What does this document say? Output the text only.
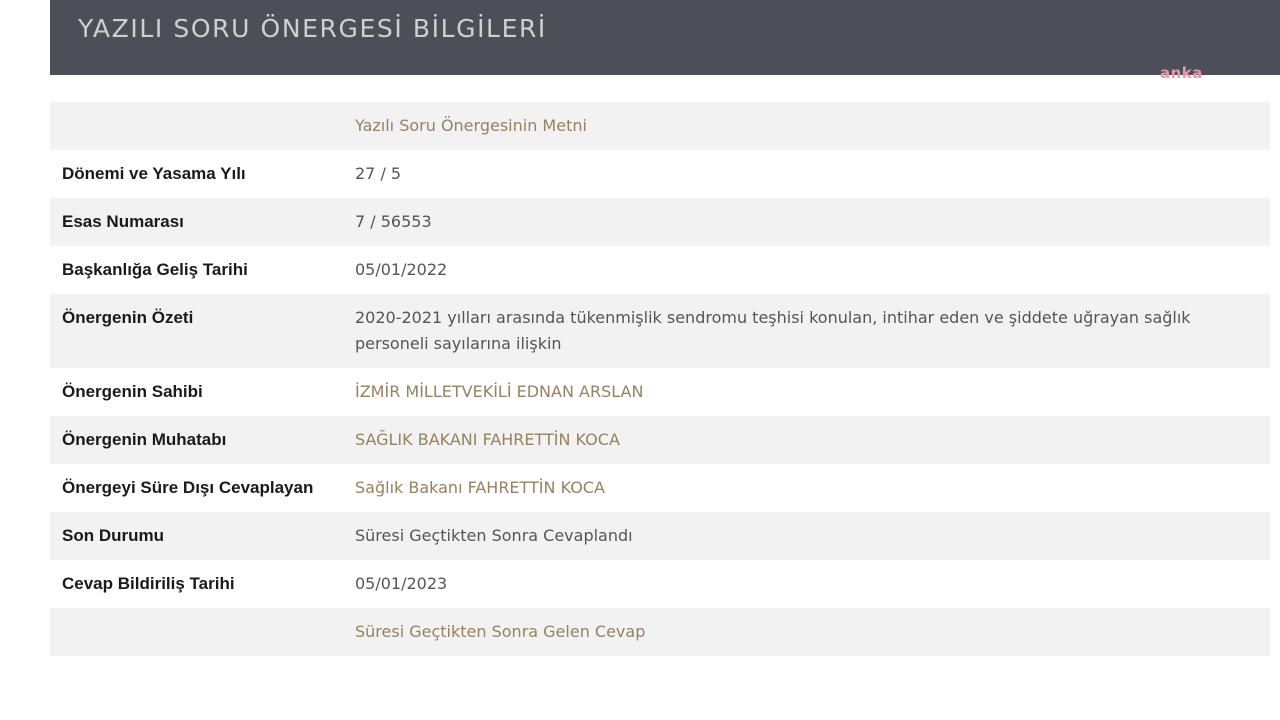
YAZILI SORU ÖNERGESİ BİLGİLERİ
anka

	Yazılı Soru Önergesinin Metni

Dönemi ve Yasama Yılı	27 / 5

Esas Numarası	7 / 56553

Başkanlığa Geliş Tarihi	05/01/2022

Önergenin Özeti	2020-2021 yılları arasında tükenmişlik sendromu teşhisi konulan, intihar eden ve şiddete uğrayan sağlık personeli sayılarına ilişkin

Önergenin Sahibi	İZMİR MİLLETVEKİLİ EDNAN ARSLAN

Önergenin Muhatabı	SAĞLIK BAKANI FAHRETTİN KOCA

Önergeyi Süre Dışı Cevaplayan	Sağlık Bakanı FAHRETTİN KOCA

Son Durumu	Süresi Geçtikten Sonra Cevaplandı

Cevap Bildiriliş Tarihi	05/01/2023

	Süresi Geçtikten Sonra Gelen Cevap
